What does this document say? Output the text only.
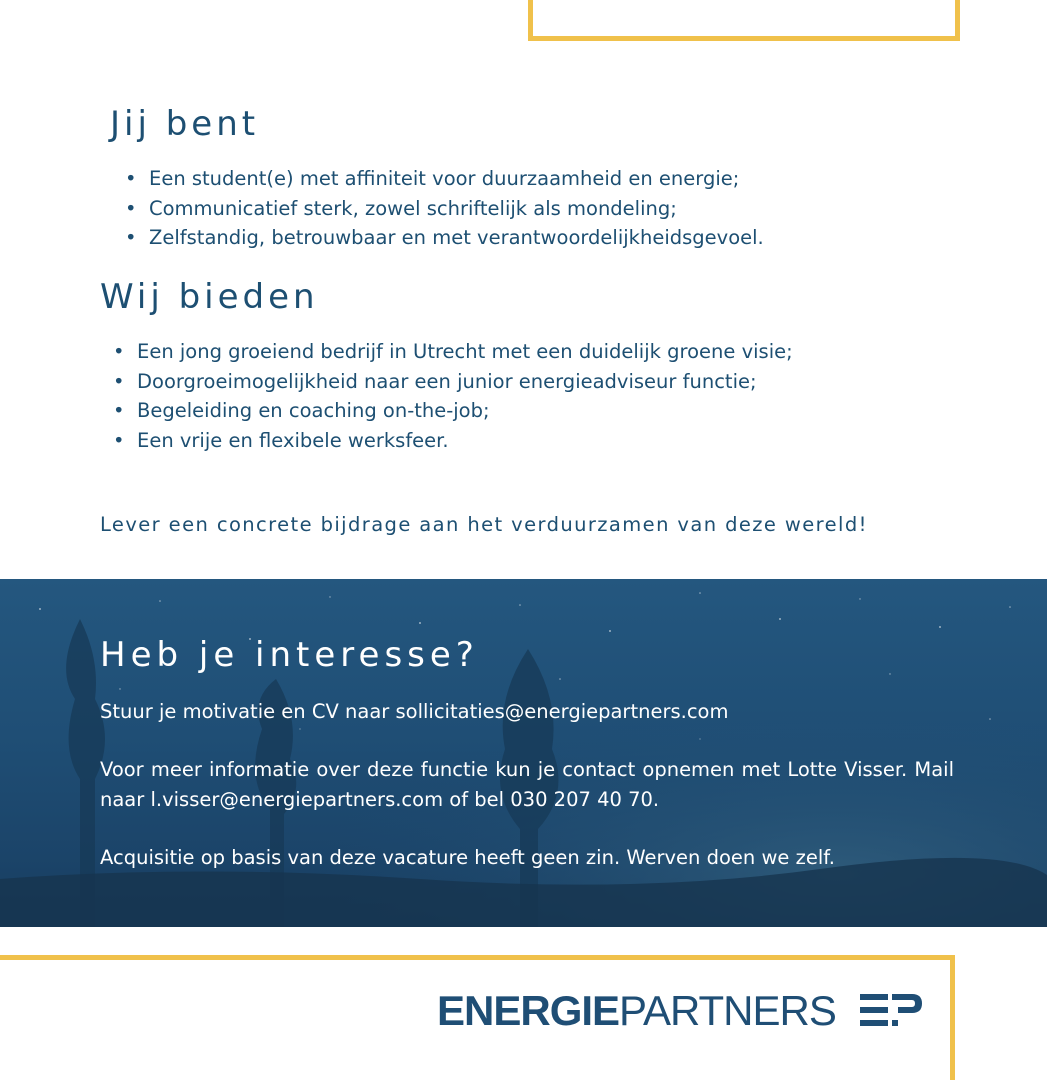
Jij bent
• Een student(e) met affiniteit voor duurzaamheid en energie;
• Communicatief sterk, zowel schriftelijk als mondeling;
• Zelfstandig, betrouwbaar en met verantwoordelijkheidsgevoel.
Wij bieden
• Een jong groeiend bedrijf in Utrecht met een duidelijk groene visie;
• Doorgroeimogelijkheid naar een junior energieadviseur functie;
• Begeleiding en coaching on-the-job;
• Een vrije en flexibele werksfeer.

Lever een concrete bijdrage aan het verduurzamen van deze wereld!

Heb je interesse?

Stuur je motivatie en CV naar sollicitaties@energiepartners.com

Voor meer informatie over deze functie kun je contact opnemen met Lotte Visser. Mail naar l.visser@energiepartners.com of bel 030 207 40 70.

Acquisitie op basis van deze vacature heeft geen zin. Werven doen we zelf.

ENERGIE PARTNERS
